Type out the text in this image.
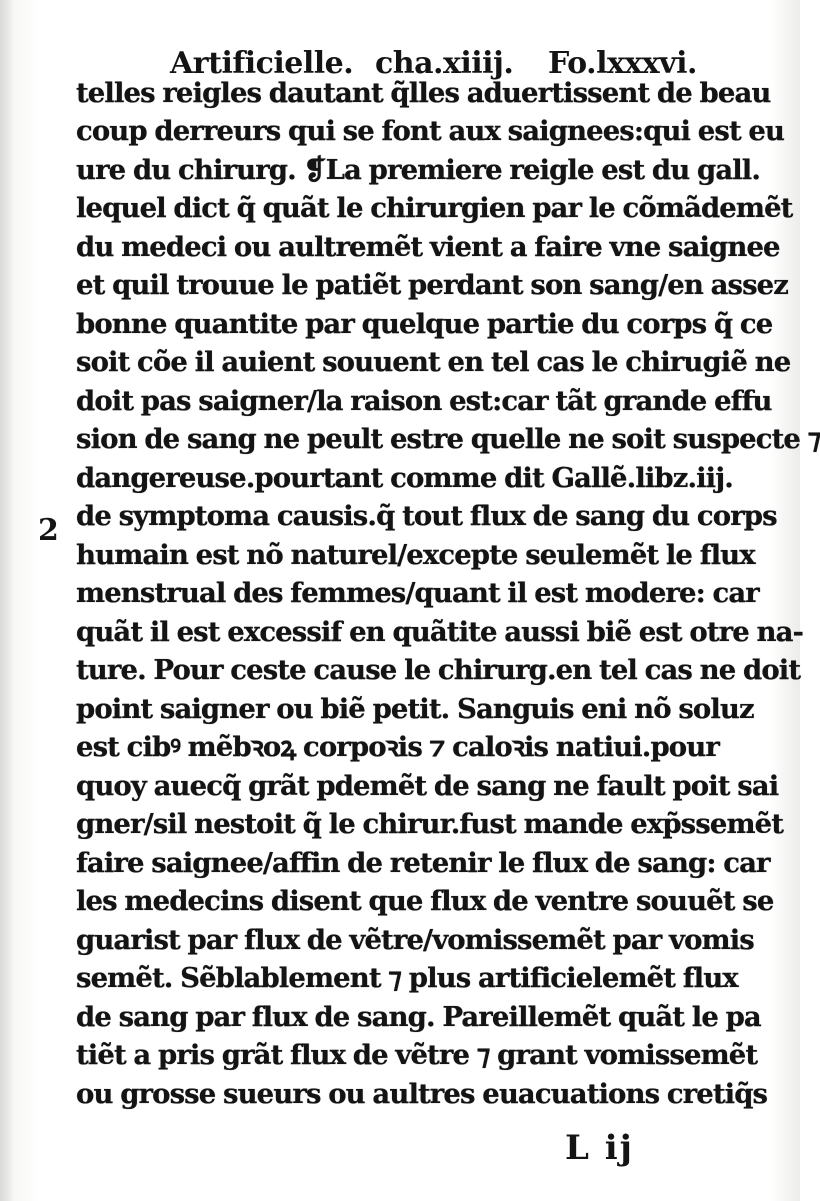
Artificielle. cha.xiiij. Fo.lxxxvi.
2
telles reigles dautant q̃lles aduertissent de beau
coup derreurs qui se font aux saignees:qui est eu
ure du chirurg. ❡La premiere reigle est du gall.
lequel dict q̃ quãt le chirurgien par le cõmãdemẽt
du medeci ou aultremẽt vient a faire vne saignee
et quil trouue le patiẽt perdant son sang/en assez
bonne quantite par quelque partie du corps q̃ ce
soit cõe il auient souuent en tel cas le chirugiẽ ne
doit pas saigner/la raison est:car tãt grande effu
sion de sang ne peult estre quelle ne soit suspecte ⁊
dangereuse.pourtant comme dit Gallẽ.libz.iij.
de symptoma causis.q̃ tout flux de sang du corps
humain est nõ naturel/excepte seulemẽt le flux
menstrual des femmes/quant il est modere: car
quãt il est excessif en quãtite aussi biẽ est otre na-
ture. Pour ceste cause le chirurg.en tel cas ne doit
point saigner ou biẽ petit. Sanguis eni nõ soluz
est cibꝰ mẽbꝛoꝝ corpoꝛis ⁊ caloꝛis natiui.pour
quoy auecq̃ grãt pdemẽt de sang ne fault poit sai
gner/sil nestoit q̃ le chirur.fust mande exp̃ssemẽt
faire saignee/affin de retenir le flux de sang: car
les medecins disent que flux de ventre souuẽt se
guarist par flux de vẽtre/vomissemẽt par vomis
semẽt. Sẽblablement ⁊ plus artificielemẽt flux
de sang par flux de sang. Pareillemẽt quãt le pa
tiẽt a pris grãt flux de vẽtre ⁊ grant vomissemẽt
ou grosse sueurs ou aultres euacuations cretiq̃s
L ij
